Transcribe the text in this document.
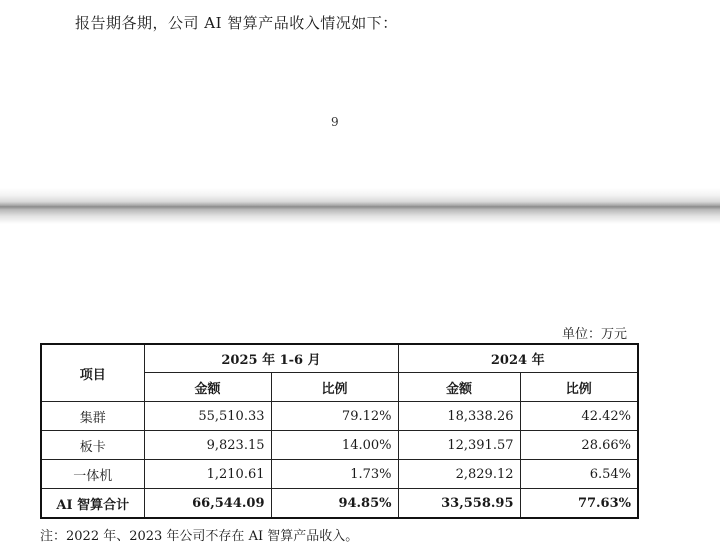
报告期各期，公司 AI 智算产品收入情况如下：
9
单位：万元
项目	2025 年 1-6 月		2024 年	
	金额	比例	金额	比例
集群	55,510.33	79.12%	18,338.26	42.42%
板卡	9,823.15	14.00%	12,391.57	28.66%
一体机	1,210.61	1.73%	2,829.12	6.54%
AI 智算合计	66,544.09	94.85%	33,558.95	77.63%
注：2022 年、2023 年公司不存在 AI 智算产品收入。
